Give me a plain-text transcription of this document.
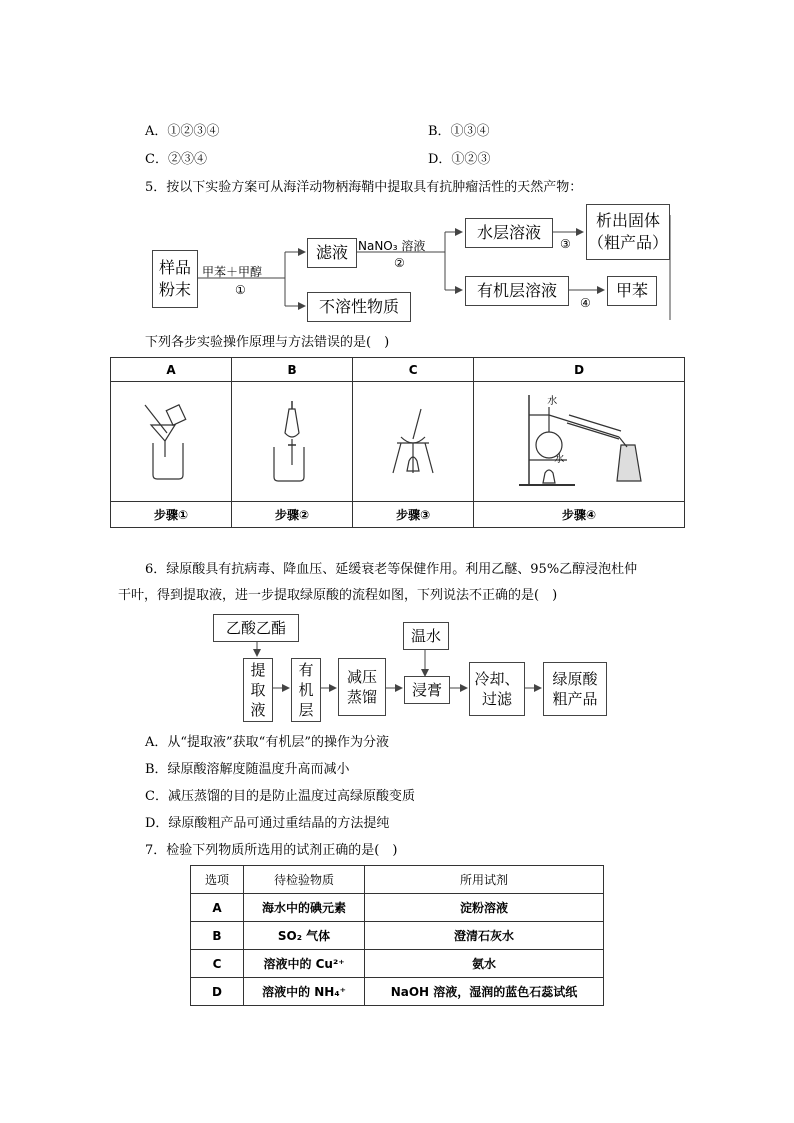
A．①②③④	B．①③④
C．②③④	D．①②③
5．按以下实验方案可从海洋动物柄海鞘中提取具有抗肿瘤活性的天然产物：
样品
粉末
甲苯＋甲醇
①
滤液
不溶性物质
NaNO₃ 溶液
②
水层溶液
有机层溶液
③
④
析出固体
（粗产品）
甲苯
下列各步实验操作原理与方法错误的是(　)
A	B	C	D

水
水

步骤①	步骤②	步骤③	步骤④
6．绿原酸具有抗病毒、降血压、延缓衰老等保健作用。利用乙醚、95%乙醇浸泡杜仲
干叶，得到提取液，进一步提取绿原酸的流程如图，下列说法不正确的是(　)
乙酸乙酯	温水
提
取
液
有
机
层
减压
蒸馏	浸膏
冷却、
过滤
绿原酸
粗产品
A．从“提取液”获取“有机层”的操作为分液
B．绿原酸溶解度随温度升高而减小
C．减压蒸馏的目的是防止温度过高绿原酸变质
D．绿原酸粗产品可通过重结晶的方法提纯
7．检验下列物质所选用的试剂正确的是(　)
选项	待检验物质	所用试剂
A	海水中的碘元素	淀粉溶液
B	SO₂ 气体	澄清石灰水
C	溶液中的 Cu²⁺	氨水
D	溶液中的 NH₄⁺	NaOH 溶液，湿润的蓝色石蕊试纸
